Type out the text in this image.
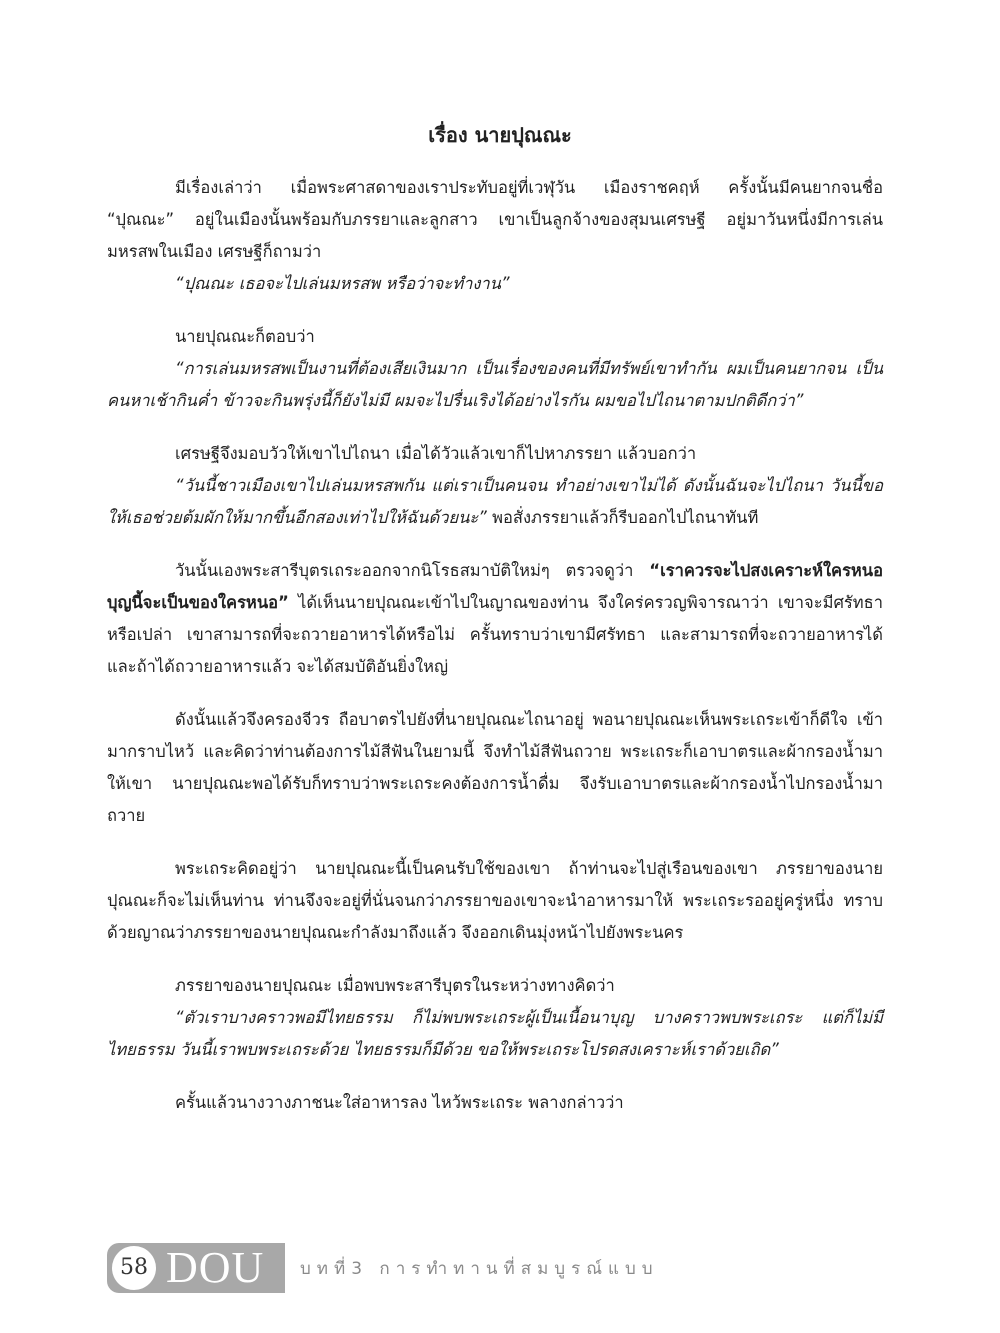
เรื่อง นายปุณณะ

มีเรื่องเล่าว่า เมื่อพระศาสดาของเราประทับอยู่ที่เวฬุวัน เมืองราชคฤห์ ครั้งนั้นมีคนยากจนชื่อ “ปุณณะ” อยู่ในเมืองนั้นพร้อมกับภรรยาและลูกสาว เขาเป็นลูกจ้างของสุมนเศรษฐี อยู่มาวันหนึ่งมีการเล่นมหรสพในเมือง เศรษฐีก็ถามว่า

“ปุณณะ เธอจะไปเล่นมหรสพ หรือว่าจะทำงาน”

นายปุณณะก็ตอบว่า

“การเล่นมหรสพเป็นงานที่ต้องเสียเงินมาก เป็นเรื่องของคนที่มีทรัพย์เขาทำกัน ผมเป็นคนยากจน เป็นคนหาเช้ากินค่ำ ข้าวจะกินพรุ่งนี้ก็ยังไม่มี ผมจะไปรื่นเริงได้อย่างไรกัน ผมขอไปไถนาตามปกติดีกว่า”

เศรษฐีจึงมอบวัวให้เขาไปไถนา เมื่อได้วัวแล้วเขาก็ไปหาภรรยา แล้วบอกว่า

“วันนี้ชาวเมืองเขาไปเล่นมหรสพกัน แต่เราเป็นคนจน ทำอย่างเขาไม่ได้ ดังนั้นฉันจะไปไถนา วันนี้ขอให้เธอช่วยต้มผักให้มากขึ้นอีกสองเท่าไปให้ฉันด้วยนะ” พอสั่งภรรยาแล้วก็รีบออกไปไถนาทันที

วันนั้นเองพระสารีบุตรเถระออกจากนิโรธสมาบัติใหม่ๆ ตรวจดูว่า “เราควรจะไปสงเคราะห์ใครหนอ บุญนี้จะเป็นของใครหนอ” ได้เห็นนายปุณณะเข้าไปในญาณของท่าน จึงใคร่ครวญพิจารณาว่า เขาจะมีศรัทธาหรือเปล่า เขาสามารถที่จะถวายอาหารได้หรือไม่ ครั้นทราบว่าเขามีศรัทธา และสามารถที่จะถวายอาหารได้ และถ้าได้ถวายอาหารแล้ว จะได้สมบัติอันยิ่งใหญ่

ดังนั้นแล้วจึงครองจีวร ถือบาตรไปยังที่นายปุณณะไถนาอยู่ พอนายปุณณะเห็นพระเถระเข้าก็ดีใจ เข้ามากราบไหว้ และคิดว่าท่านต้องการไม้สีฟันในยามนี้ จึงทำไม้สีฟันถวาย พระเถระก็เอาบาตรและผ้ากรองน้ำมาให้เขา นายปุณณะพอได้รับก็ทราบว่าพระเถระคงต้องการน้ำดื่ม จึงรับเอาบาตรและผ้ากรองน้ำไปกรองน้ำมาถวาย

พระเถระคิดอยู่ว่า นายปุณณะนี้เป็นคนรับใช้ของเขา ถ้าท่านจะไปสู่เรือนของเขา ภรรยาของนายปุณณะก็จะไม่เห็นท่าน ท่านจึงจะอยู่ที่นั่นจนกว่าภรรยาของเขาจะนำอาหารมาให้ พระเถระรออยู่ครู่หนึ่ง ทราบด้วยญาณว่าภรรยาของนายปุณณะกำลังมาถึงแล้ว จึงออกเดินมุ่งหน้าไปยังพระนคร

ภรรยาของนายปุณณะ เมื่อพบพระสารีบุตรในระหว่างทางคิดว่า

“ตัวเราบางคราวพอมีไทยธรรม ก็ไม่พบพระเถระผู้เป็นเนื้อนาบุญ บางคราวพบพระเถระ แต่ก็ไม่มีไทยธรรม วันนี้เราพบพระเถระด้วย ไทยธรรมก็มีด้วย ขอให้พระเถระโปรดสงเคราะห์เราด้วยเถิด”

ครั้นแล้วนางวางภาชนะใส่อาหารลง ไหว้พระเถระ พลางกล่าวว่า

58 DOU บทที่3 การทำทานที่สมบูรณ์แบบ
